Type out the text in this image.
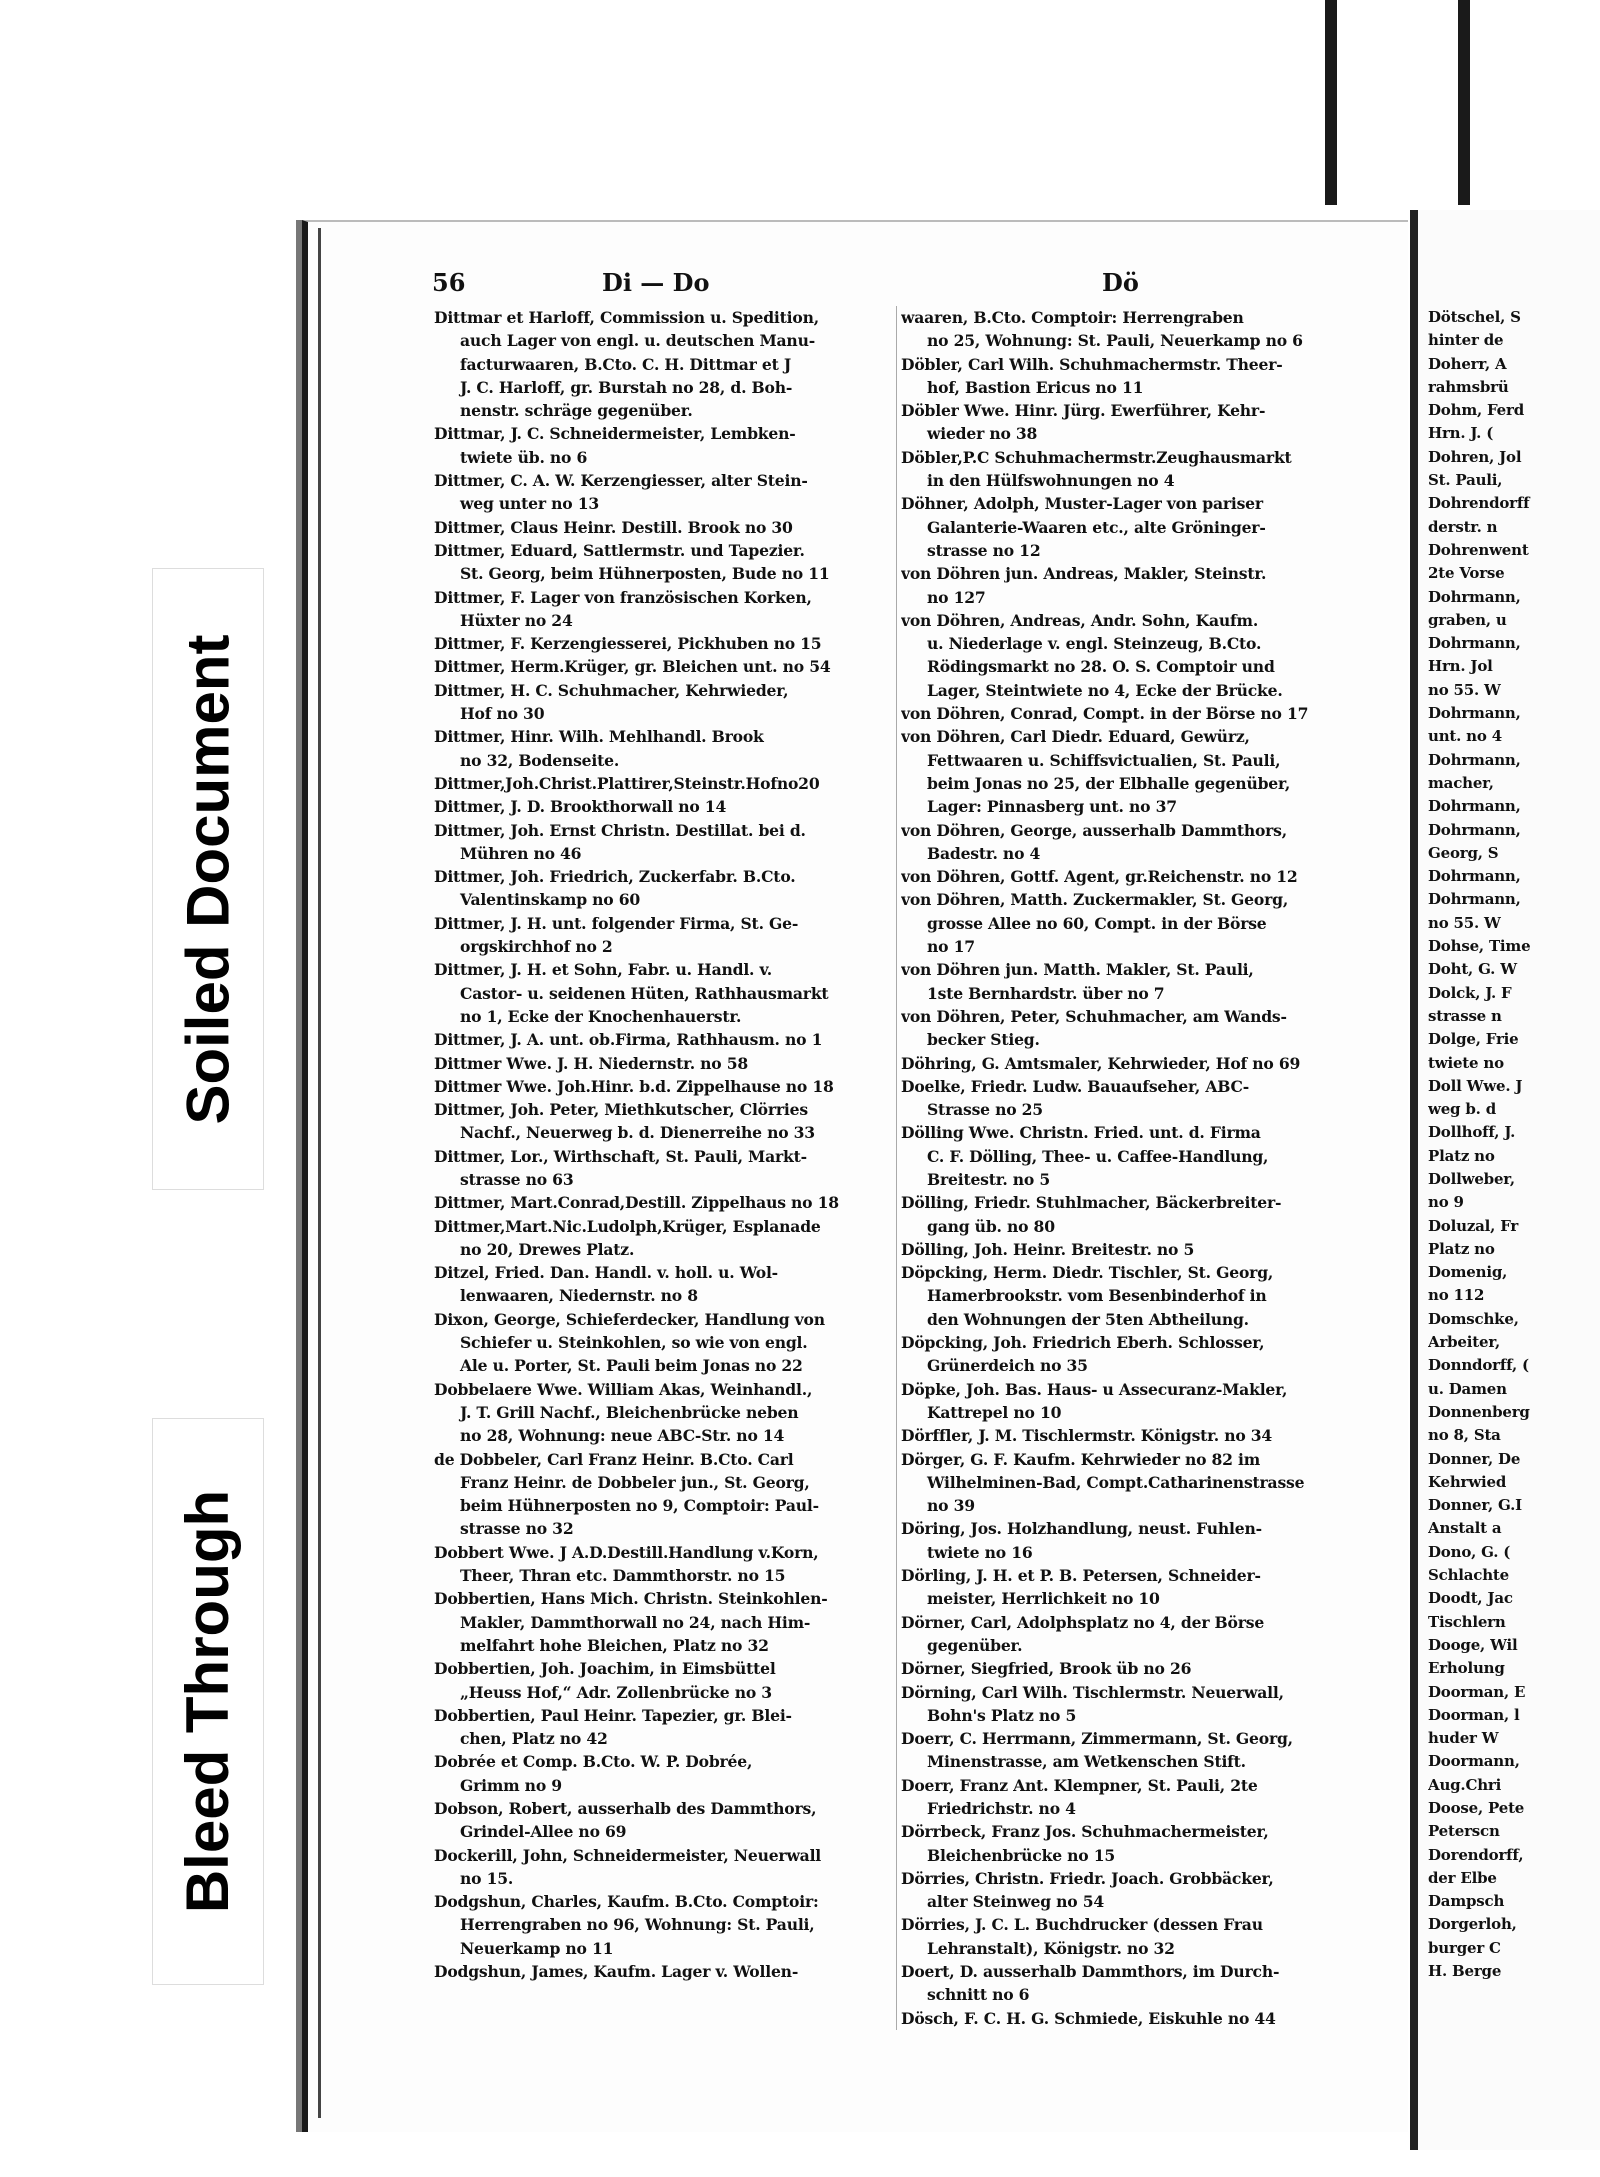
Soiled Document
Bleed Through
56	Di — Do	Dö
Dittmar et Harloff, Commission u. Spedition,
auch Lager von engl. u. deutschen Manu-
facturwaaren, B.Cto. C. H. Dittmar et J
J. C. Harloff, gr. Burstah no 28, d. Boh-
nenstr. schräge gegenüber.
Dittmar, J. C. Schneidermeister, Lembken-
twiete üb. no 6
Dittmer, C. A. W. Kerzengiesser, alter Stein-
weg unter no 13
Dittmer, Claus Heinr. Destill. Brook no 30
Dittmer, Eduard, Sattlermstr. und Tapezier.
St. Georg, beim Hühnerposten, Bude no 11
Dittmer, F. Lager von französischen Korken,
Hüxter no 24
Dittmer, F. Kerzengiesserei, Pickhuben no 15
Dittmer, Herm.Krüger, gr. Bleichen unt. no 54
Dittmer, H. C. Schuhmacher, Kehrwieder,
Hof no 30
Dittmer, Hinr. Wilh. Mehlhandl. Brook
no 32, Bodenseite.
Dittmer,Joh.Christ.Plattirer,Steinstr.Hofno20
Dittmer, J. D. Brookthorwall no 14
Dittmer, Joh. Ernst Christn. Destillat. bei d.
Mühren no 46
Dittmer, Joh. Friedrich, Zuckerfabr. B.Cto.
Valentinskamp no 60
Dittmer, J. H. unt. folgender Firma, St. Ge-
orgskirchhof no 2
Dittmer, J. H. et Sohn, Fabr. u. Handl. v.
Castor- u. seidenen Hüten, Rathhausmarkt
no 1, Ecke der Knochenhauerstr.
Dittmer, J. A. unt. ob.Firma, Rathhausm. no 1
Dittmer Wwe. J. H. Niedernstr. no 58
Dittmer Wwe. Joh.Hinr. b.d. Zippelhause no 18
Dittmer, Joh. Peter, Miethkutscher, Clörries
Nachf., Neuerweg b. d. Dienerreihe no 33
Dittmer, Lor., Wirthschaft, St. Pauli, Markt-
strasse no 63
Dittmer, Mart.Conrad,Destill. Zippelhaus no 18
Dittmer,Mart.Nic.Ludolph,Krüger, Esplanade
no 20, Drewes Platz.
Ditzel, Fried. Dan. Handl. v. holl. u. Wol-
lenwaaren, Niedernstr. no 8
Dixon, George, Schieferdecker, Handlung von
Schiefer u. Steinkohlen, so wie von engl.
Ale u. Porter, St. Pauli beim Jonas no 22
Dobbelaere Wwe. William Akas, Weinhandl.,
J. T. Grill Nachf., Bleichenbrücke neben
no 28, Wohnung: neue ABC-Str. no 14
de Dobbeler, Carl Franz Heinr. B.Cto. Carl
Franz Heinr. de Dobbeler jun., St. Georg,
beim Hühnerposten no 9, Comptoir: Paul-
strasse no 32
Dobbert Wwe. J A.D.Destill.Handlung v.Korn,
Theer, Thran etc. Dammthorstr. no 15
Dobbertien, Hans Mich. Christn. Steinkohlen-
Makler, Dammthorwall no 24, nach Him-
melfahrt hohe Bleichen, Platz no 32
Dobbertien, Joh. Joachim, in Eimsbüttel
„Heuss Hof,“ Adr. Zollenbrücke no 3
Dobbertien, Paul Heinr. Tapezier, gr. Blei-
chen, Platz no 42
Dobrée et Comp. B.Cto. W. P. Dobrée,
Grimm no 9
Dobson, Robert, ausserhalb des Dammthors,
Grindel-Allee no 69
Dockerill, John, Schneidermeister, Neuerwall
no 15.
Dodgshun, Charles, Kaufm. B.Cto. Comptoir:
Herrengraben no 96, Wohnung: St. Pauli,
Neuerkamp no 11
Dodgshun, James, Kaufm. Lager v. Wollen-
waaren, B.Cto. Comptoir: Herrengraben
no 25, Wohnung: St. Pauli, Neuerkamp no 6
Döbler, Carl Wilh. Schuhmachermstr. Theer-
hof, Bastion Ericus no 11
Döbler Wwe. Hinr. Jürg. Ewerführer, Kehr-
wieder no 38
Döbler,P.C Schuhmachermstr.Zeughausmarkt
in den Hülfswohnungen no 4
Döhner, Adolph, Muster-Lager von pariser
Galanterie-Waaren etc., alte Gröninger-
strasse no 12
von Döhren jun. Andreas, Makler, Steinstr.
no 127
von Döhren, Andreas, Andr. Sohn, Kaufm.
u. Niederlage v. engl. Steinzeug, B.Cto.
Rödingsmarkt no 28. O. S. Comptoir und
Lager, Steintwiete no 4, Ecke der Brücke.
von Döhren, Conrad, Compt. in der Börse no 17
von Döhren, Carl Diedr. Eduard, Gewürz,
Fettwaaren u. Schiffsvictualien, St. Pauli,
beim Jonas no 25, der Elbhalle gegenüber,
Lager: Pinnasberg unt. no 37
von Döhren, George, ausserhalb Dammthors,
Badestr. no 4
von Döhren, Gottf. Agent, gr.Reichenstr. no 12
von Döhren, Matth. Zuckermakler, St. Georg,
grosse Allee no 60, Compt. in der Börse
no 17
von Döhren jun. Matth. Makler, St. Pauli,
1ste Bernhardstr. über no 7
von Döhren, Peter, Schuhmacher, am Wands-
becker Stieg.
Döhring, G. Amtsmaler, Kehrwieder, Hof no 69
Doelke, Friedr. Ludw. Bauaufseher, ABC-
Strasse no 25
Dölling Wwe. Christn. Fried. unt. d. Firma
C. F. Dölling, Thee- u. Caffee-Handlung,
Breitestr. no 5
Dölling, Friedr. Stuhlmacher, Bäckerbreiter-
gang üb. no 80
Dölling, Joh. Heinr. Breitestr. no 5
Döpcking, Herm. Diedr. Tischler, St. Georg,
Hamerbrookstr. vom Besenbinderhof in
den Wohnungen der 5ten Abtheilung.
Döpcking, Joh. Friedrich Eberh. Schlosser,
Grünerdeich no 35
Döpke, Joh. Bas. Haus- u Assecuranz-Makler,
Kattrepel no 10
Dörffler, J. M. Tischlermstr. Königstr. no 34
Dörger, G. F. Kaufm. Kehrwieder no 82 im
Wilhelminen-Bad, Compt.Catharinenstrasse
no 39
Döring, Jos. Holzhandlung, neust. Fuhlen-
twiete no 16
Dörling, J. H. et P. B. Petersen, Schneider-
meister, Herrlichkeit no 10
Dörner, Carl, Adolphsplatz no 4, der Börse
gegenüber.
Dörner, Siegfried, Brook üb no 26
Dörning, Carl Wilh. Tischlermstr. Neuerwall,
Bohn's Platz no 5
Doerr, C. Herrmann, Zimmermann, St. Georg,
Minenstrasse, am Wetkenschen Stift.
Doerr, Franz Ant. Klempner, St. Pauli, 2te
Friedrichstr. no 4
Dörrbeck, Franz Jos. Schuhmachermeister,
Bleichenbrücke no 15
Dörries, Christn. Friedr. Joach. Grobbäcker,
alter Steinweg no 54
Dörries, J. C. L. Buchdrucker (dessen Frau
Lehranstalt), Königstr. no 32
Doert, D. ausserhalb Dammthors, im Durch-
schnitt no 6
Dösch, F. C. H. G. Schmiede, Eiskuhle no 44
Dötschel, S
hinter de
Doherr, A
rahmsbrü
Dohm, Ferd
Hrn. J. (
Dohren, Jol
St. Pauli,
Dohrendorff
derstr. n
Dohrenwent
2te Vorse
Dohrmann,
graben, u
Dohrmann,
Hrn. Jol
no 55. W
Dohrmann,
unt. no 4
Dohrmann,
macher,
Dohrmann,
Dohrmann,
Georg, S
Dohrmann,
Dohrmann,
no 55. W
Dohse, Time
Doht, G. W
Dolck, J. F
strasse n
Dolge, Frie
twiete no
Doll Wwe. J
weg b. d
Dollhoff, J.
Platz no
Dollweber,
no 9
Doluzal, Fr
Platz no
Domenig,
no 112
Domschke,
Arbeiter,
Donndorff, (
u. Damen
Donnenberg
no 8, Sta
Donner, De
Kehrwied
Donner, G.I
Anstalt a
Dono, G. (
Schlachte
Doodt, Jac
Tischlern
Dooge, Wil
Erholung
Doorman, E
Doorman, l
huder W
Doormann,
Aug.Chri
Doose, Pete
Peterscn
Dorendorff,
der Elbe
Dampsch
Dorgerloh,
burger C
H. Berge
